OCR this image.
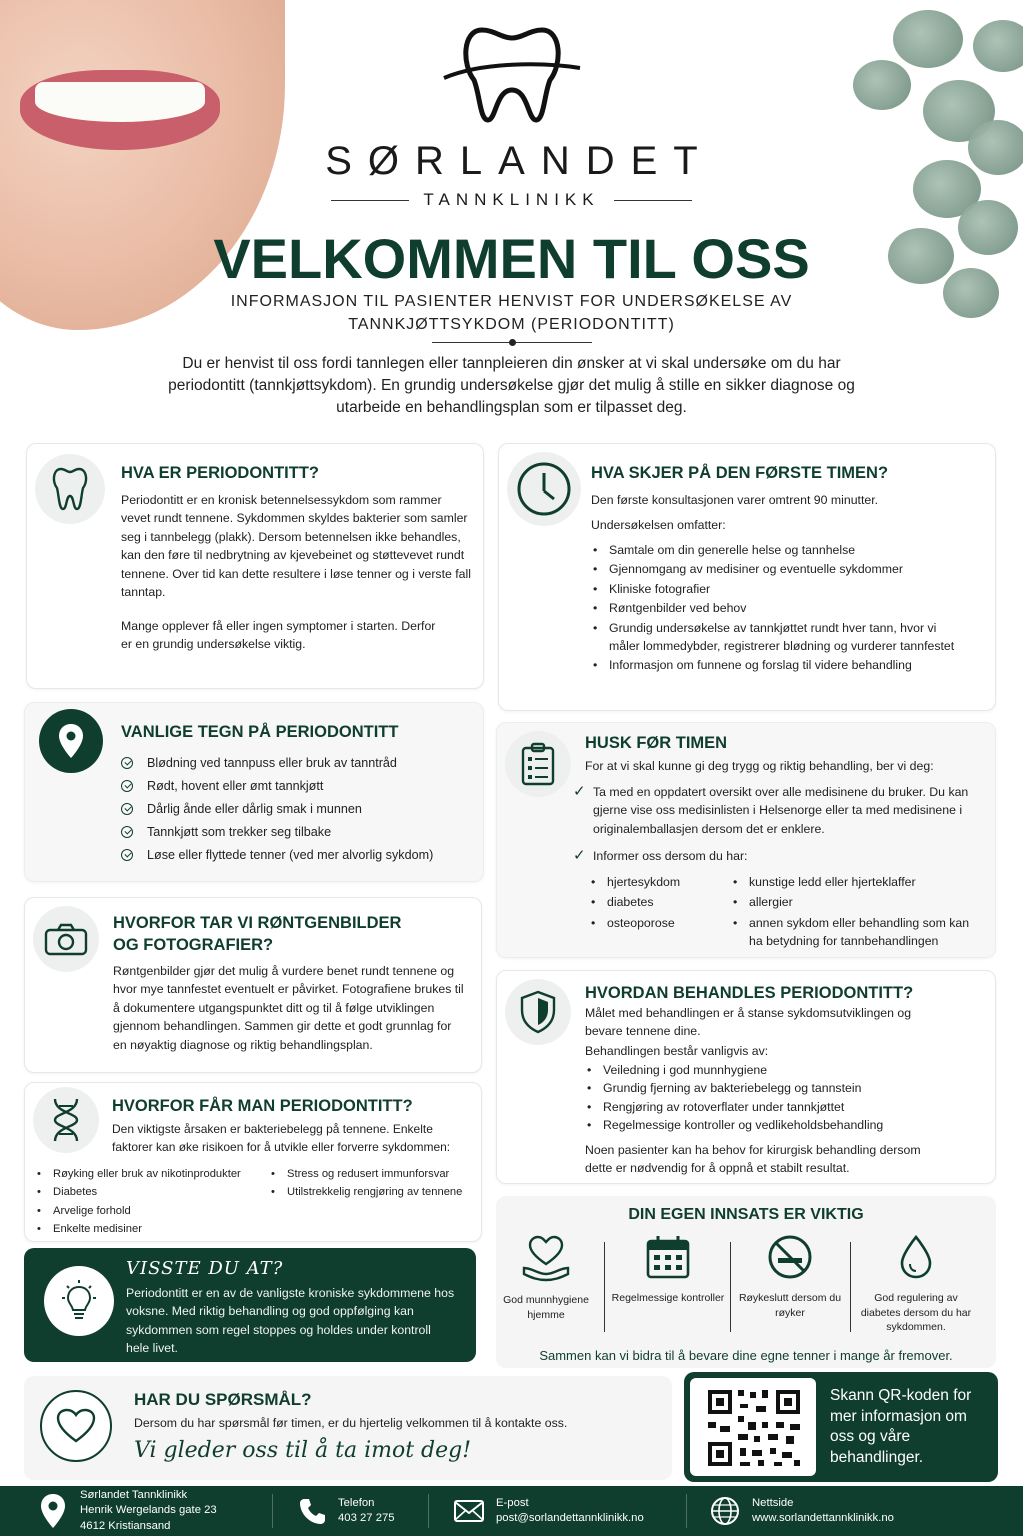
SØRLANDET
TANNKLINIKK
VELKOMMEN TIL OSS
INFORMASJON TIL PASIENTER HENVIST FOR UNDERSØKELSE AV TANNKJØTTSYKDOM (PERIODONTITT)
Du er henvist til oss fordi tannlegen eller tannpleieren din ønsker at vi skal undersøke om du har periodontitt (tannkjøttsykdom). En grundig undersøkelse gjør det mulig å stille en sikker diagnose og utarbeide en behandlingsplan som er tilpasset deg.
HVA ER PERIODONTITT?

Periodontitt er en kronisk betennelsessykdom som rammer vevet rundt tennene. Sykdommen skyldes bakterier som samler seg i tannbelegg (plakk). Dersom betennelsen ikke behandles, kan den føre til nedbrytning av kjevebeinet og støttevevet rundt tennene. Over tid kan dette resultere i løse tenner og i verste fall tanntap.

Mange opplever få eller ingen symptomer i starten. Derfor er en grundig undersøkelse viktig.

VANLIGE TEGN PÅ PERIODONTITT
Blødning ved tannpuss eller bruk av tanntråd
Rødt, hovent eller ømt tannkjøtt
Dårlig ånde eller dårlig smak i munnen
Tannkjøtt som trekker seg tilbake
Løse eller flyttede tenner (ved mer alvorlig sykdom)
HVORFOR TAR VI RØNTGENBILDER
OG FOTOGRAFIER?

Røntgenbilder gjør det mulig å vurdere benet rundt tennene og hvor mye tannfestet eventuelt er påvirket. Fotografiene brukes til å dokumentere utgangspunktet ditt og til å følge utviklingen gjennom behandlingen. Sammen gir dette et godt grunnlag for en nøyaktig diagnose og riktig behandlingsplan.

HVORFOR FÅR MAN PERIODONTITT?

Den viktigste årsaken er bakteriebelegg på tennene. Enkelte faktorer kan øke risikoen for å utvikle eller forverre sykdommen:

• Røyking eller bruk av nikotinprodukter
• Diabetes
• Arvelige forhold
• Enkelte medisiner
• Stress og redusert immunforsvar
• Utilstrekkelig rengjøring av tennene
VISSTE DU AT?

Periodontitt er en av de vanligste kroniske sykdommene hos voksne. Med riktig behandling og god oppfølging kan sykdommen som regel stoppes og holdes under kontroll hele livet.

HVA SKJER PÅ DEN FØRSTE TIMEN?

Den første konsultasjonen varer omtrent 90 minutter.

Undersøkelsen omfatter:

• Samtale om din generelle helse og tannhelse
• Gjennomgang av medisiner og eventuelle sykdommer
• Kliniske fotografier
• Røntgenbilder ved behov
• Grundig undersøkelse av tannkjøttet rundt hver tann, hvor vi måler lommedybder, registrerer blødning og vurderer tannfestet
• Informasjon om funnene og forslag til videre behandling
HUSK FØR TIMEN

For at vi skal kunne gi deg trygg og riktig behandling, ber vi deg:

✓ Ta med en oppdatert oversikt over alle medisinene du bruker. Du kan gjerne vise oss medisinlisten i Helsenorge eller ta med medisinene i originalemballasjen dersom det er enklere.

✓ Informer oss dersom du har:

• hjertesykdom
• diabetes
• osteoporose
• kunstige ledd eller hjerteklaffer
• allergier
• annen sykdom eller behandling som kan ha betydning for tannbehandlingen
HVORDAN BEHANDLES PERIODONTITT?

Målet med behandlingen er å stanse sykdomsutviklingen og bevare tennene dine.

Behandlingen består vanligvis av:

• Veiledning i god munnhygiene
• Grundig fjerning av bakteriebelegg og tannstein
• Rengjøring av rotoverflater under tannkjøttet
• Regelmessige kontroller og vedlikeholdsbehandling

Noen pasienter kan ha behov for kirurgisk behandling dersom dette er nødvendig for å oppnå et stabilt resultat.

DIN EGEN INNSATS ER VIKTIG
God munnhygiene hjemme
Regelmessige kontroller	Røykeslutt dersom du røyker
God regulering av diabetes dersom du har sykdommen.
Sammen kan vi bidra til å bevare dine egne tenner i mange år fremover.
HAR DU SPØRSMÅL?

Dersom du har spørsmål før timen, er du hjertelig velkommen til å kontakte oss.

Vi gleder oss til å ta imot deg!
Skann QR-koden for mer informasjon om oss og våre behandlinger.
Sørlandet Tannklinikk
Henrik Wergelands gate 23
4612 Kristiansand
Telefon
403 27 275
E-post
post@sorlandettannklinikk.no
Nettside
www.sorlandettannklinikk.no
